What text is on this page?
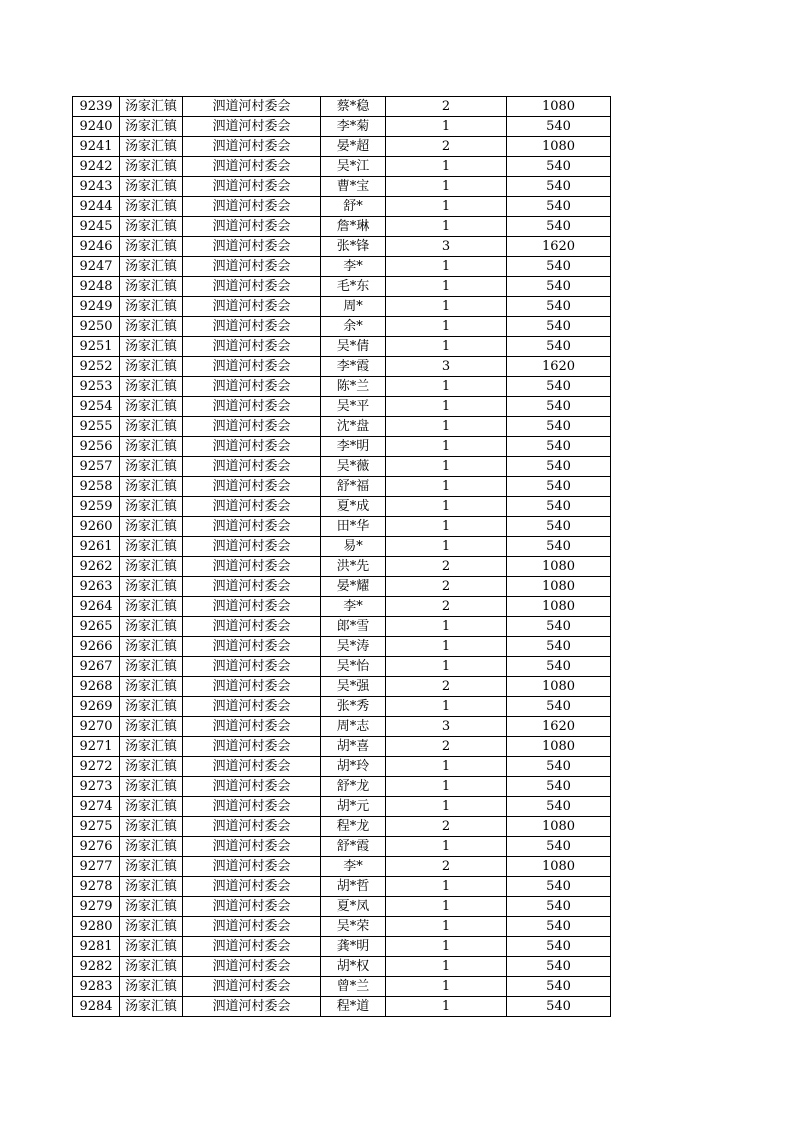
9239	汤家汇镇	泗道河村委会	蔡*稳	2	1080
9240	汤家汇镇	泗道河村委会	李*菊	1	540
9241	汤家汇镇	泗道河村委会	晏*超	2	1080
9242	汤家汇镇	泗道河村委会	吴*江	1	540
9243	汤家汇镇	泗道河村委会	曹*宝	1	540
9244	汤家汇镇	泗道河村委会	舒*	1	540
9245	汤家汇镇	泗道河村委会	詹*琳	1	540
9246	汤家汇镇	泗道河村委会	张*锋	3	1620
9247	汤家汇镇	泗道河村委会	李*	1	540
9248	汤家汇镇	泗道河村委会	毛*东	1	540
9249	汤家汇镇	泗道河村委会	周*	1	540
9250	汤家汇镇	泗道河村委会	余*	1	540
9251	汤家汇镇	泗道河村委会	吴*倩	1	540
9252	汤家汇镇	泗道河村委会	李*霞	3	1620
9253	汤家汇镇	泗道河村委会	陈*兰	1	540
9254	汤家汇镇	泗道河村委会	吴*平	1	540
9255	汤家汇镇	泗道河村委会	沈*盘	1	540
9256	汤家汇镇	泗道河村委会	李*明	1	540
9257	汤家汇镇	泗道河村委会	吴*薇	1	540
9258	汤家汇镇	泗道河村委会	舒*福	1	540
9259	汤家汇镇	泗道河村委会	夏*成	1	540
9260	汤家汇镇	泗道河村委会	田*华	1	540
9261	汤家汇镇	泗道河村委会	易*	1	540
9262	汤家汇镇	泗道河村委会	洪*先	2	1080
9263	汤家汇镇	泗道河村委会	晏*耀	2	1080
9264	汤家汇镇	泗道河村委会	李*	2	1080
9265	汤家汇镇	泗道河村委会	郎*雪	1	540
9266	汤家汇镇	泗道河村委会	吴*涛	1	540
9267	汤家汇镇	泗道河村委会	吴*怡	1	540
9268	汤家汇镇	泗道河村委会	吴*强	2	1080
9269	汤家汇镇	泗道河村委会	张*秀	1	540
9270	汤家汇镇	泗道河村委会	周*志	3	1620
9271	汤家汇镇	泗道河村委会	胡*喜	2	1080
9272	汤家汇镇	泗道河村委会	胡*玲	1	540
9273	汤家汇镇	泗道河村委会	舒*龙	1	540
9274	汤家汇镇	泗道河村委会	胡*元	1	540
9275	汤家汇镇	泗道河村委会	程*龙	2	1080
9276	汤家汇镇	泗道河村委会	舒*霞	1	540
9277	汤家汇镇	泗道河村委会	李*	2	1080
9278	汤家汇镇	泗道河村委会	胡*哲	1	540
9279	汤家汇镇	泗道河村委会	夏*凤	1	540
9280	汤家汇镇	泗道河村委会	吴*荣	1	540
9281	汤家汇镇	泗道河村委会	龚*明	1	540
9282	汤家汇镇	泗道河村委会	胡*权	1	540
9283	汤家汇镇	泗道河村委会	曾*兰	1	540
9284	汤家汇镇	泗道河村委会	程*道	1	540
